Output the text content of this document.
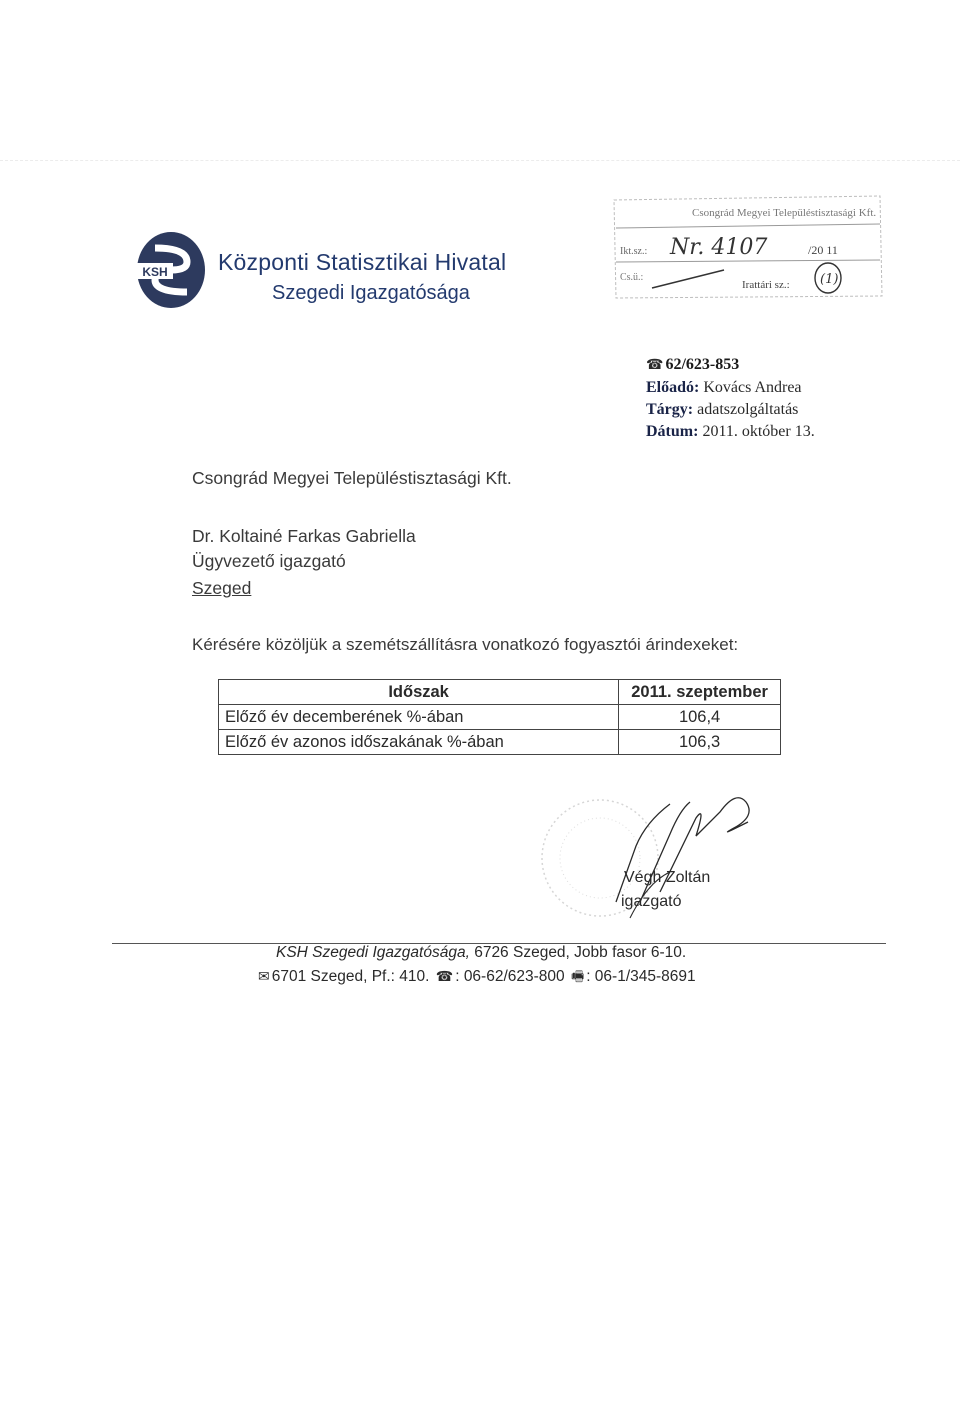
KSH Központi Statisztikai Hivatal
Szegedi Igazgatósága
Csongrád Megyei Településtisztasági Kft.
Ikt.sz.: Nr. 4107	/20 11
Cs.ü.:
Irattári sz.: (1)
☎ 62/623-853
Előadó: Kovács Andrea
Tárgy: adatszolgáltatás
Dátum: 2011. október 13.
Csongrád Megyei Településtisztasági Kft.
Dr. Koltainé Farkas Gabriella
Ügyvezető igazgató
Szeged
Kérésére közöljük a szemétszállításra vonatkozó fogyasztói árindexeket:
Időszak	2011. szeptember
Előző év decemberének %-ában	106,4
Előző év azonos időszakának %-ában	106,3
Végh Zoltán
igazgató
KSH Szegedi Igazgatósága, 6726 Szeged, Jobb fasor 6-10.
✉ 6701 Szeged, Pf.: 410. ☎ : 06-62/623-800 🖷 : 06-1/345-8691
